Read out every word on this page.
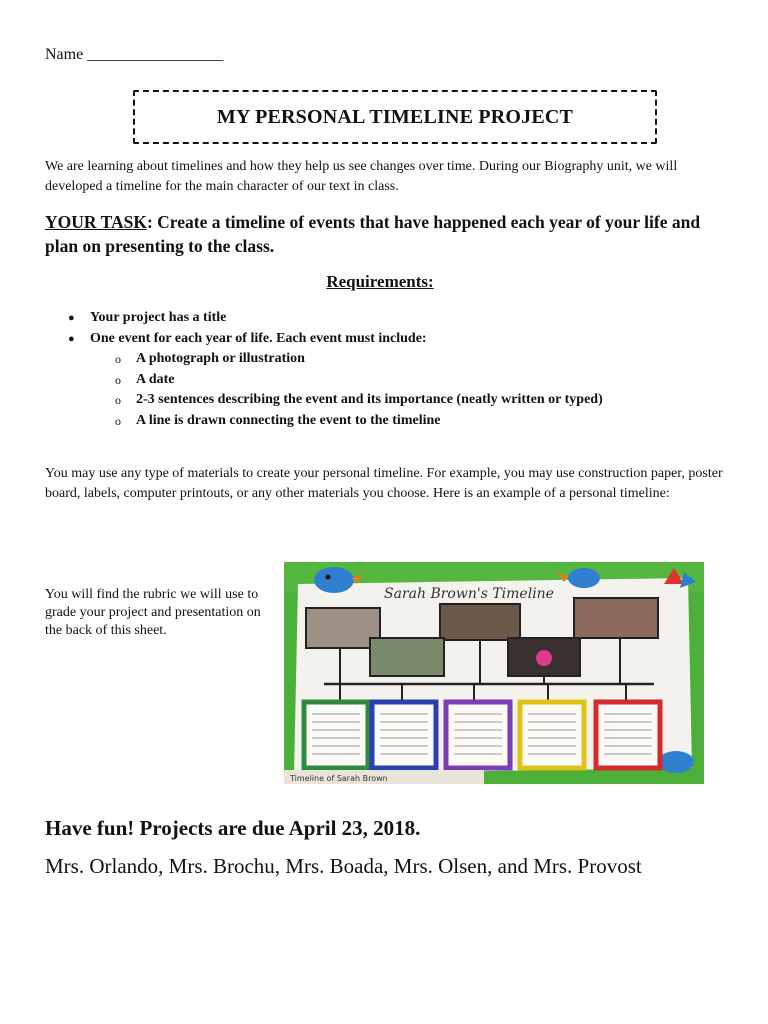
Name _________________
MY PERSONAL TIMELINE PROJECT
We are learning about timelines and how they help us see changes over time. During our Biography unit, we will developed a timeline for the main character of our text in class.
YOUR TASK: Create a timeline of events that have happened each year of your life and plan on presenting to the class.
Requirements:
● Your project has a title
● One event for each year of life. Each event must include:
o A photograph or illustration
o A date
o 2-3 sentences describing the event and its importance (neatly written or typed)
o A line is drawn connecting the event to the timeline
You may use any type of materials to create your personal timeline. For example, you may use construction paper, poster board, labels, computer printouts, or any other materials you choose. Here is an example of a personal timeline:
You will find the rubric we will use to grade your project and presentation on the back of this sheet.
Sarah Brown's Timeline
Timeline of Sarah Brown
Have fun! Projects are due April 23, 2018.
Mrs. Orlando, Mrs. Brochu, Mrs. Boada, Mrs. Olsen, and Mrs. Provost
